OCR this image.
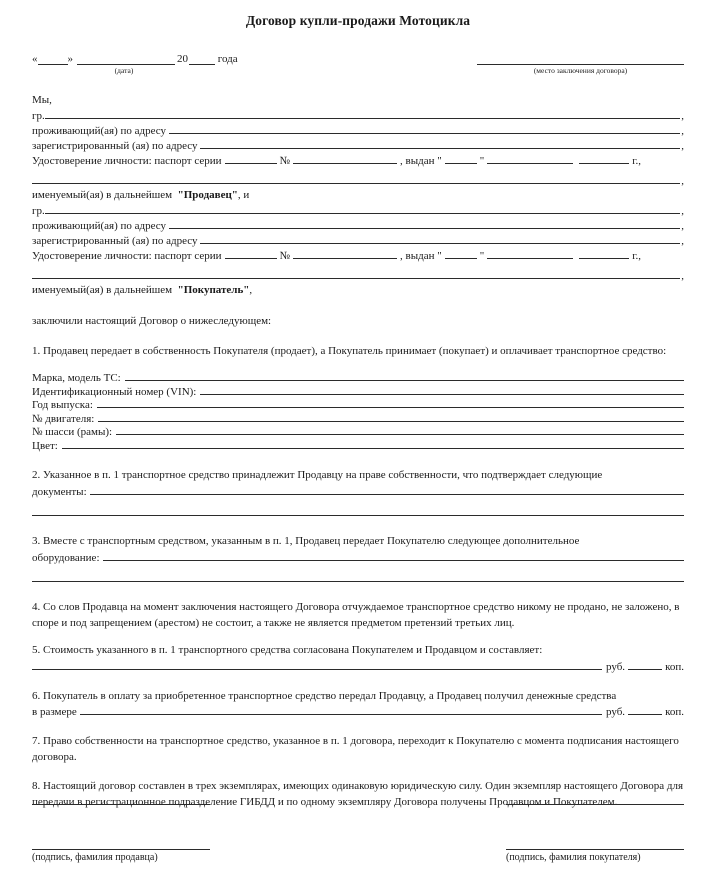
Договор купли-продажи Мотоцикла
«	»	20
	года
(дата)	(место заключения договора)
Мы,
гр.	,
проживающий(ая) по адресу	,
зарегистрированный (ая) по адресу	,
Удостоверение личности: паспорт серии	№	, выдан "	"	г.,
,
именуемый(ая) в дальнейшем "Продавец", и
гр.	,
проживающий(ая) по адресу	,
зарегистрированный (ая) по адресу	,
Удостоверение личности: паспорт серии	№	, выдан "	"	г.,
,
именуемый(ая) в дальнейшем "Покупатель",
заключили настоящий Договор о нижеследующем:
1. Продавец передает в собственность Покупателя (продает), а Покупатель принимает (покупает) и оплачивает транспортное средство:
Марка, модель ТС:
Идентификационный номер (VIN):
Год выпуска:
№ двигателя:
№ шасси (рамы):
Цвет:
2. Указанное в п. 1 транспортное средство принадлежит Продавцу на праве собственности, что подтверждает следующие
документы:
3. Вместе с транспортным средством, указанным в п. 1, Продавец передает Покупателю следующее дополнительное
оборудование:
4. Со слов Продавца на момент заключения настоящего Договора отчуждаемое транспортное средство никому не продано, не заложено, в споре и под запрещением (арестом) не состоит, а также не является предметом претензий третьих лиц.
5. Стоимость указанного в п. 1 транспортного средства согласована Покупателем и Продавцом и составляет:
руб.	коп.
6. Покупатель в оплату за приобретенное транспортное средство передал Продавцу, а Продавец получил денежные средства
в размере	руб.	коп.
7. Право собственности на транспортное средство, указанное в п. 1 договора, переходит к Покупателю с момента подписания настоящего договора.
8. Настоящий договор составлен в трех экземплярах, имеющих одинаковую юридическую силу. Один экземпляр настоящего Договора для передачи в регистрационное подразделение ГИБДД и по одному экземпляру Договора получены Продавцом и Покупателем.
(подпись, фамилия продавца)	(подпись, фамилия покупателя)
